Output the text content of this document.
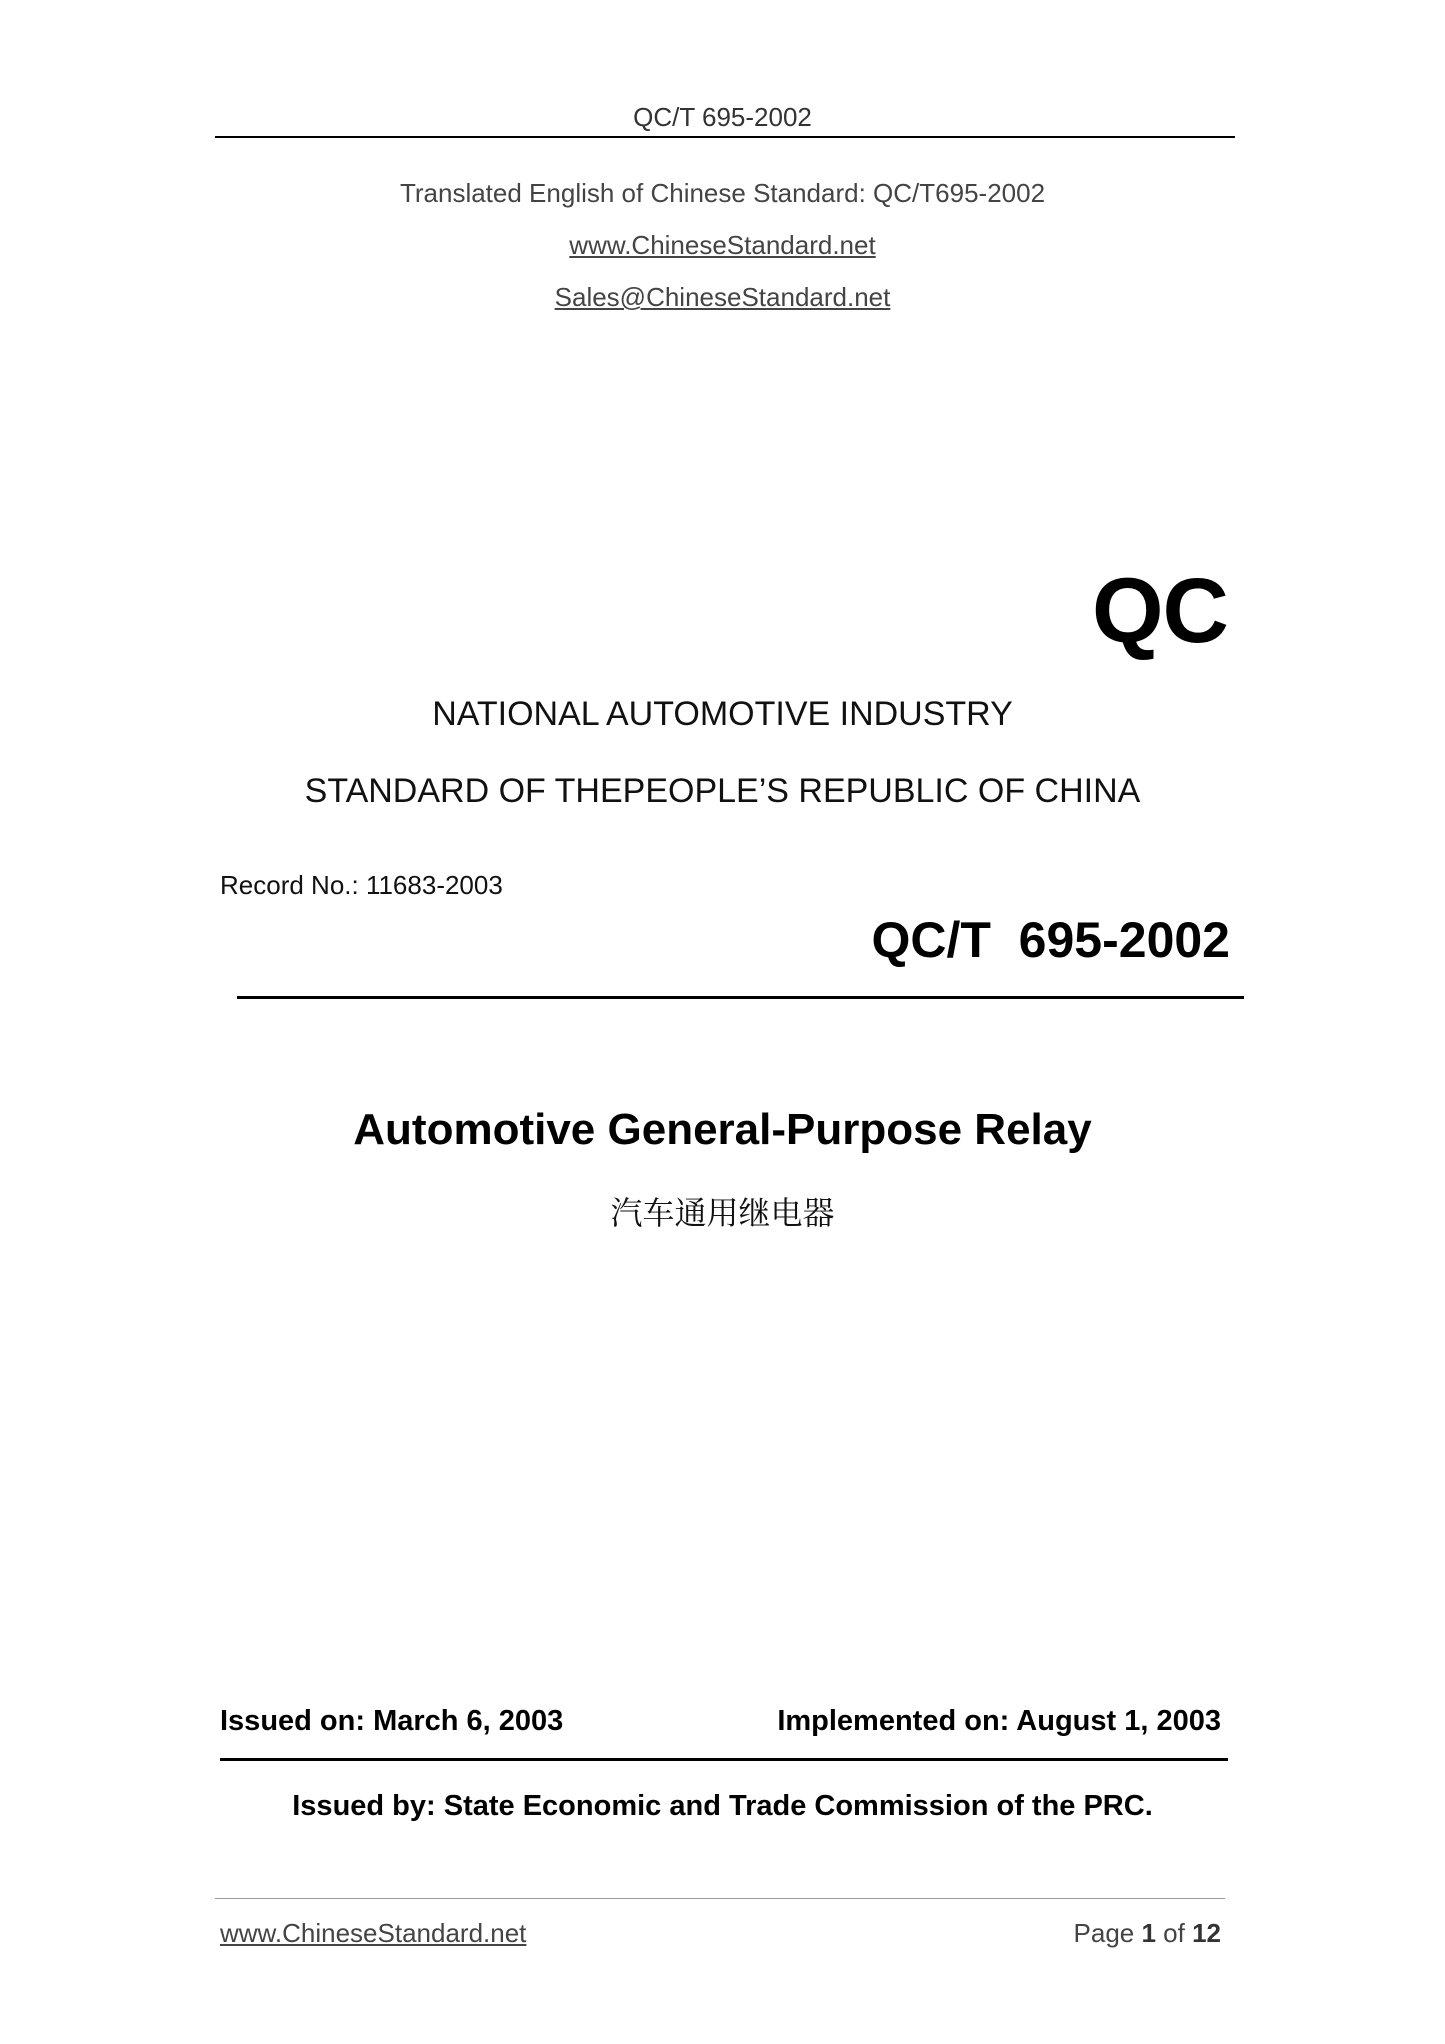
QC/T 695-2002
Translated English of Chinese Standard: QC/T695-2002
www.ChineseStandard.net
Sales@ChineseStandard.net
QC
NATIONAL AUTOMOTIVE INDUSTRY
STANDARD OF THEPEOPLE’S REPUBLIC OF CHINA
Record No.: 11683-2003
QC/T  695-2002
Automotive General-Purpose Relay
汽车通用继电器
Issued on: March 6, 2003	Implemented on: August 1, 2003
Issued by: State Economic and Trade Commission of the PRC.
www.ChineseStandard.net	Page 1 of 12
